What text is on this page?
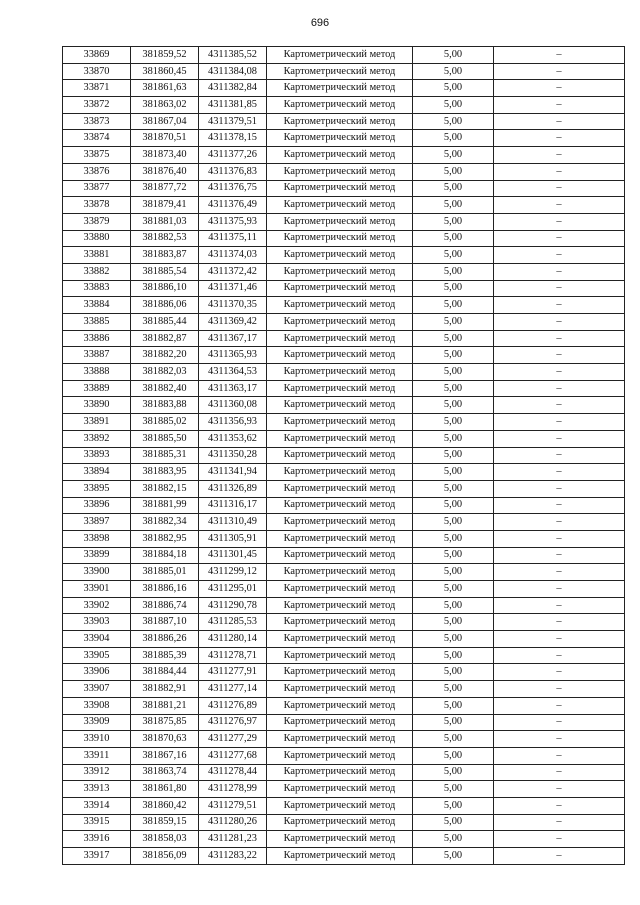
696
33869	381859,52	4311385,52	Картометрический метод	5,00	–
33870	381860,45	4311384,08	Картометрический метод	5,00	–
33871	381861,63	4311382,84	Картометрический метод	5,00	–
33872	381863,02	4311381,85	Картометрический метод	5,00	–
33873	381867,04	4311379,51	Картометрический метод	5,00	–
33874	381870,51	4311378,15	Картометрический метод	5,00	–
33875	381873,40	4311377,26	Картометрический метод	5,00	–
33876	381876,40	4311376,83	Картометрический метод	5,00	–
33877	381877,72	4311376,75	Картометрический метод	5,00	–
33878	381879,41	4311376,49	Картометрический метод	5,00	–
33879	381881,03	4311375,93	Картометрический метод	5,00	–
33880	381882,53	4311375,11	Картометрический метод	5,00	–
33881	381883,87	4311374,03	Картометрический метод	5,00	–
33882	381885,54	4311372,42	Картометрический метод	5,00	–
33883	381886,10	4311371,46	Картометрический метод	5,00	–
33884	381886,06	4311370,35	Картометрический метод	5,00	–
33885	381885,44	4311369,42	Картометрический метод	5,00	–
33886	381882,87	4311367,17	Картометрический метод	5,00	–
33887	381882,20	4311365,93	Картометрический метод	5,00	–
33888	381882,03	4311364,53	Картометрический метод	5,00	–
33889	381882,40	4311363,17	Картометрический метод	5,00	–
33890	381883,88	4311360,08	Картометрический метод	5,00	–
33891	381885,02	4311356,93	Картометрический метод	5,00	–
33892	381885,50	4311353,62	Картометрический метод	5,00	–
33893	381885,31	4311350,28	Картометрический метод	5,00	–
33894	381883,95	4311341,94	Картометрический метод	5,00	–
33895	381882,15	4311326,89	Картометрический метод	5,00	–
33896	381881,99	4311316,17	Картометрический метод	5,00	–
33897	381882,34	4311310,49	Картометрический метод	5,00	–
33898	381882,95	4311305,91	Картометрический метод	5,00	–
33899	381884,18	4311301,45	Картометрический метод	5,00	–
33900	381885,01	4311299,12	Картометрический метод	5,00	–
33901	381886,16	4311295,01	Картометрический метод	5,00	–
33902	381886,74	4311290,78	Картометрический метод	5,00	–
33903	381887,10	4311285,53	Картометрический метод	5,00	–
33904	381886,26	4311280,14	Картометрический метод	5,00	–
33905	381885,39	4311278,71	Картометрический метод	5,00	–
33906	381884,44	4311277,91	Картометрический метод	5,00	–
33907	381882,91	4311277,14	Картометрический метод	5,00	–
33908	381881,21	4311276,89	Картометрический метод	5,00	–
33909	381875,85	4311276,97	Картометрический метод	5,00	–
33910	381870,63	4311277,29	Картометрический метод	5,00	–
33911	381867,16	4311277,68	Картометрический метод	5,00	–
33912	381863,74	4311278,44	Картометрический метод	5,00	–
33913	381861,80	4311278,99	Картометрический метод	5,00	–
33914	381860,42	4311279,51	Картометрический метод	5,00	–
33915	381859,15	4311280,26	Картометрический метод	5,00	–
33916	381858,03	4311281,23	Картометрический метод	5,00	–
33917	381856,09	4311283,22	Картометрический метод	5,00	–
